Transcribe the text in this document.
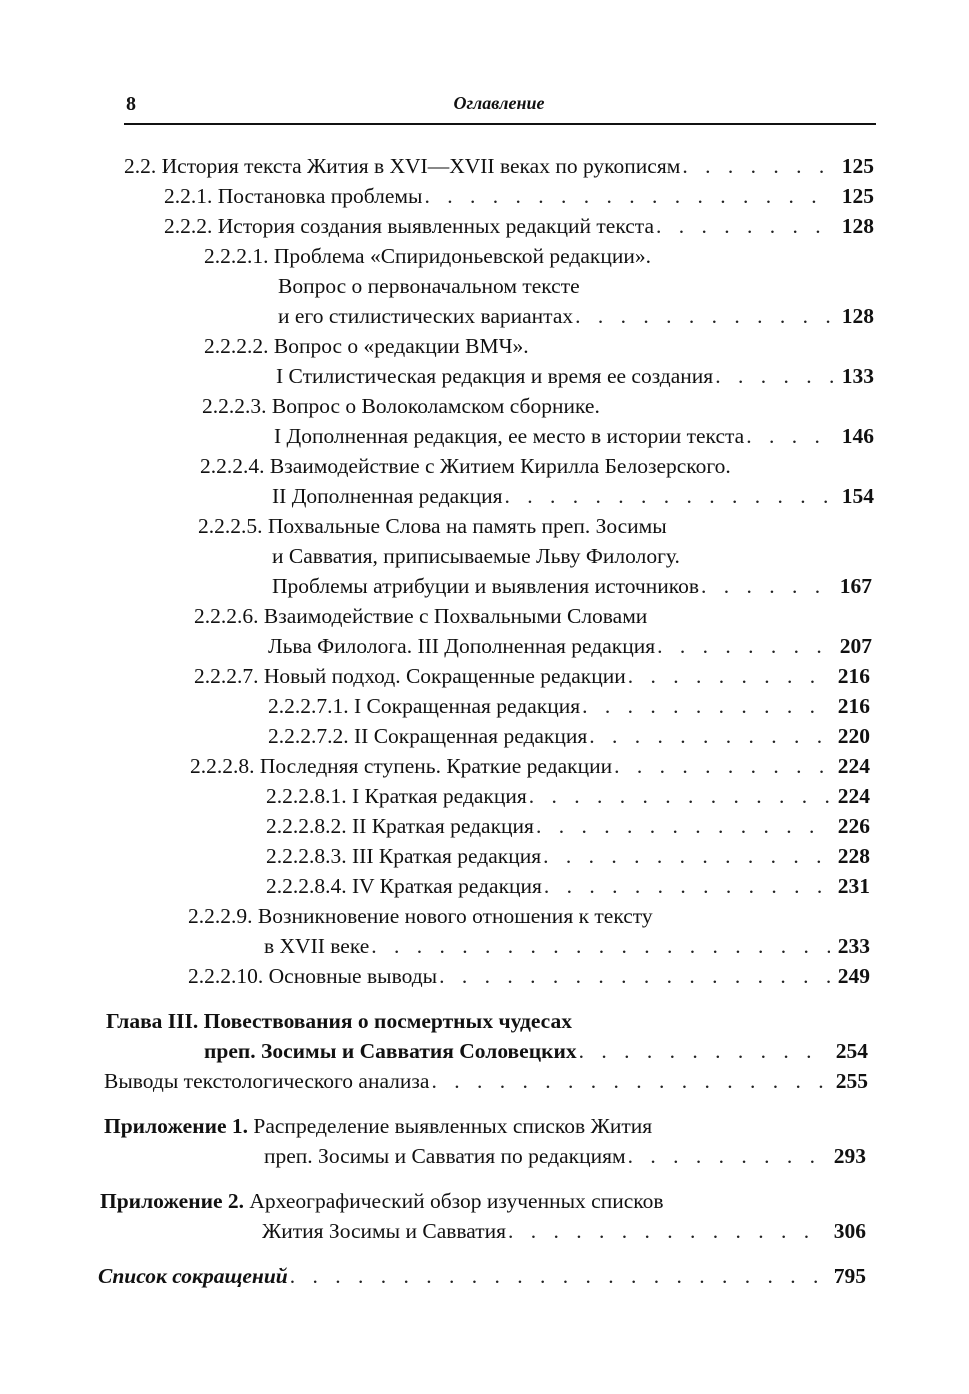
8	Оглавление
2.2. История текста Жития в XVI—XVII веках по рукописям . . .	125
2.2.1. Постановка проблемы . . .	125
2.2.2. История создания выявленных редакций текста . . .	128
2.2.2.1. Проблема «Спиридоньевской редакции».
Вопрос о первоначальном тексте
и его стилистических вариантах . . .	128
2.2.2.2. Вопрос о «редакции ВМЧ».
I Стилистическая редакция и время ее создания . . .	133
2.2.2.3. Вопрос о Волоколамском сборнике.
I Дополненная редакция, ее место в истории текста . . .	146
2.2.2.4. Взаимодействие с Житием Кирилла Белозерского.
II Дополненная редакция . . .	154
2.2.2.5. Похвальные Слова на память преп. Зосимы
и Савватия, приписываемые Льву Филологу.
Проблемы атрибуции и выявления источников . . .	167
2.2.2.6. Взаимодействие с Похвальными Словами
Льва Филолога. III Дополненная редакция . . .	207
2.2.2.7. Новый подход. Сокращенные редакции . . .	216
2.2.2.7.1. I Сокращенная редакция . . .	216
2.2.2.7.2. II Сокращенная редакция . . .	220
2.2.2.8. Последняя ступень. Краткие редакции . . .	224
2.2.2.8.1. I Краткая редакция . . .	224
2.2.2.8.2. II Краткая редакция . . .	226
2.2.2.8.3. III Краткая редакция . . .	228
2.2.2.8.4. IV Краткая редакция . . .	231
2.2.2.9. Возникновение нового отношения к тексту
в XVII веке . . .	233
2.2.2.10. Основные выводы . . .	249
Глава III. Повествования о посмертных чудесах
преп. Зосимы и Савватия Соловецких . . .	254
Выводы текстологического анализа . . .	255
Приложение 1. Распределение выявленных списков Жития
преп. Зосимы и Савватия по редакциям . . .	293
Приложение 2. Археографический обзор изученных списков
Жития Зосимы и Савватия . . .	306
Список сокращений . . .	795
